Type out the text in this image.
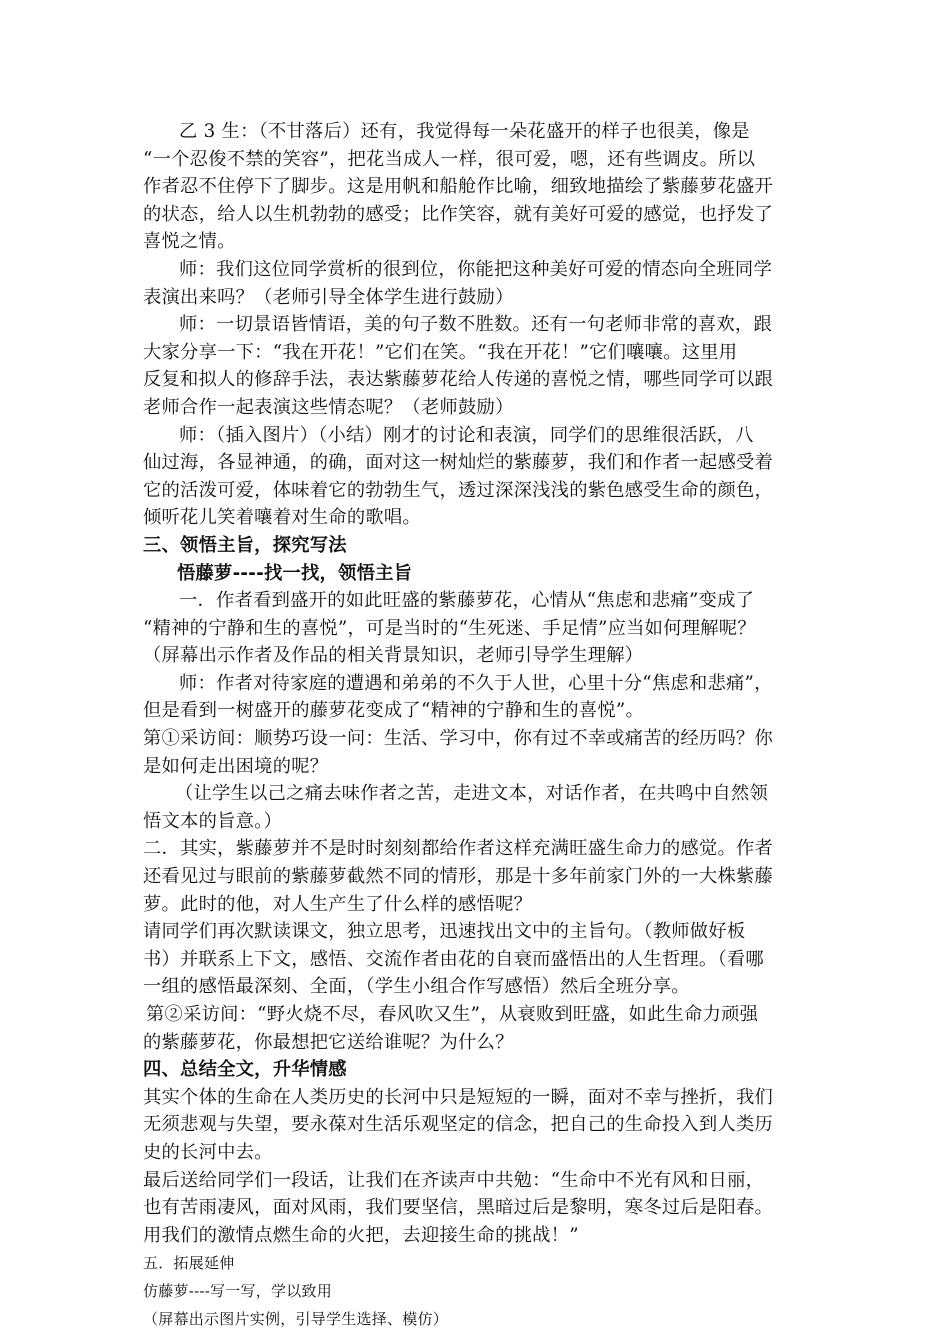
乙 3 生：（不甘落后）还有，我觉得每一朵花盛开的样子也很美，像是
“一个忍俊不禁的笑容”，把花当成人一样，很可爱，嗯，还有些调皮。所以
作者忍不住停下了脚步。这是用帆和船舱作比喻，细致地描绘了紫藤萝花盛开
的状态，给人以生机勃勃的感受；比作笑容，就有美好可爱的感觉，也抒发了
喜悦之情。
师：我们这位同学赏析的很到位，你能把这种美好可爱的情态向全班同学
表演出来吗？（老师引导全体学生进行鼓励）
师：一切景语皆情语，美的句子数不胜数。还有一句老师非常的喜欢，跟
大家分享一下：“我在开花！”它们在笑。“我在开花！”它们嚷嚷。这里用
反复和拟人的修辞手法，表达紫藤萝花给人传递的喜悦之情，哪些同学可以跟
老师合作一起表演这些情态呢？（老师鼓励）
师：（插入图片）（小结）刚才的讨论和表演，同学们的思维很活跃，八
仙过海，各显神通，的确，面对这一树灿烂的紫藤萝，我们和作者一起感受着
它的活泼可爱，体味着它的勃勃生气，透过深深浅浅的紫色感受生命的颜色，
倾听花儿笑着嚷着对生命的歌唱。
三、领悟主旨，探究写法
悟藤萝----找一找，领悟主旨
一．作者看到盛开的如此旺盛的紫藤萝花，心情从“焦虑和悲痛”变成了
“精神的宁静和生的喜悦”，可是当时的“生死迷、手足情”应当如何理解呢？
（屏幕出示作者及作品的相关背景知识，老师引导学生理解）
师：作者对待家庭的遭遇和弟弟的不久于人世，心里十分“焦虑和悲痛”，
但是看到一树盛开的藤萝花变成了“精神的宁静和生的喜悦”。
第①采访间：顺势巧设一问：生活、学习中，你有过不幸或痛苦的经历吗？你
是如何走出困境的呢？
（让学生以己之痛去味作者之苦，走进文本，对话作者，在共鸣中自然领
悟文本的旨意。）
二．其实，紫藤萝并不是时时刻刻都给作者这样充满旺盛生命力的感觉。作者
还看见过与眼前的紫藤萝截然不同的情形，那是十多年前家门外的一大株紫藤
萝。此时的他，对人生产生了什么样的感悟呢？
请同学们再次默读课文，独立思考，迅速找出文中的主旨句。（教师做好板
书）并联系上下文，感悟、交流作者由花的自衰而盛悟出的人生哲理。（看哪
一组的感悟最深刻、全面，（学生小组合作写感悟）然后全班分享。
第②采访间：“野火烧不尽，春风吹又生”，从衰败到旺盛，如此生命力顽强
的紫藤萝花，你最想把它送给谁呢？为什么？
四、总结全文，升华情感
其实个体的生命在人类历史的长河中只是短短的一瞬，面对不幸与挫折，我们
无须悲观与失望，要永葆对生活乐观坚定的信念，把自己的生命投入到人类历
史的长河中去。
最后送给同学们一段话，让我们在齐读声中共勉：“生命中不光有风和日丽，
也有苦雨凄风，面对风雨，我们要坚信，黑暗过后是黎明，寒冬过后是阳春。
用我们的激情点燃生命的火把，去迎接生命的挑战！”
五．拓展延伸
仿藤萝----写一写，学以致用
（屏幕出示图片实例，引导学生选择、模仿）
